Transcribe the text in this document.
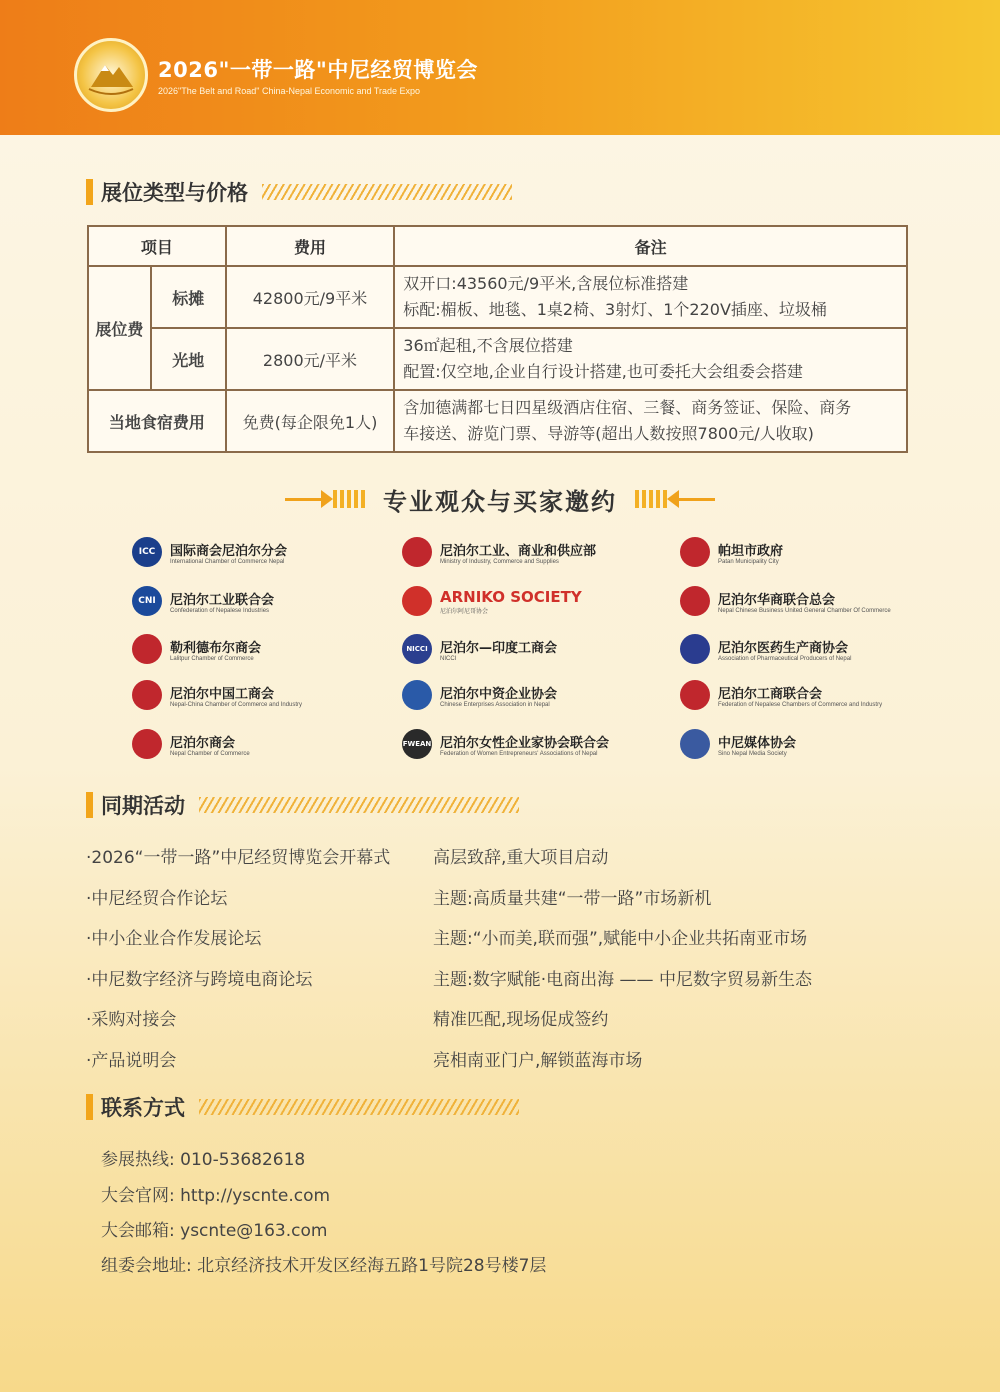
2026"一带一路"中尼经贸博览会
2026"The Belt and Road" China-Nepal Economic and Trade Expo
展位类型与价格
项目		费用	备注
展位费	标摊	42800元/9平米	双开口:43560元/9平米,含展位标准搭建
标配:楣板、地毯、1桌2椅、3射灯、1个220V插座、垃圾桶

	光地	2800元/平米	36㎡起租,不含展位搭建
配置:仅空地,企业自行设计搭建,也可委托大会组委会搭建

当地食宿费用		免费(每企限免1人)	含加德满都七日四星级酒店住宿、三餐、商务签证、保险、商务
车接送、游览门票、导游等(超出人数按照7800元/人收取)
专业观众与买家邀约
ICC	国际商会尼泊尔分会
International Chamber of Commerce Nepal
尼泊尔工业、商业和供应部
Ministry of Industry, Commerce and Supplies
帕坦市政府
Patan Municipality City
CNI	尼泊尔工业联合会
Confederation of Nepalese Industries
ARNIKO SOCIETY
尼泊尔阿尼哥协会
尼泊尔华商联合总会
Nepal Chinese Business United General Chamber Of Commerce
勒利德布尔商会
Lalitpur Chamber of Commerce
NICCI 尼泊尔—印度工商会
NICCI
尼泊尔医药生产商协会
Association of Pharmaceutical Producers of Nepal
尼泊尔中国工商会
Nepal-China Chamber of Commerce and Industry
尼泊尔中资企业协会
Chinese Enterprises Association in Nepal
尼泊尔工商联合会
Federation of Nepalese Chambers of Commerce and Industry
尼泊尔商会
Nepal Chamber of Commerce
FWEAN 尼泊尔女性企业家协会联合会
Federation of Women Entrepreneurs' Associations of Nepal
中尼媒体协会
Sino Nepal Media Society
同期活动
·2026“一带一路”中尼经贸博览会开幕式	高层致辞,重大项目启动
·中尼经贸合作论坛	主题:高质量共建“一带一路”市场新机
·中小企业合作发展论坛	主题:“小而美,联而强”,赋能中小企业共拓南亚市场
·中尼数字经济与跨境电商论坛	主题:数字赋能·电商出海 —— 中尼数字贸易新生态
·采购对接会	精准匹配,现场促成签约
·产品说明会	亮相南亚门户,解锁蓝海市场
联系方式
参展热线: 010-53682618
大会官网: http://yscnte.com
大会邮箱: yscnte@163.com
组委会地址: 北京经济技术开发区经海五路1号院28号楼7层
